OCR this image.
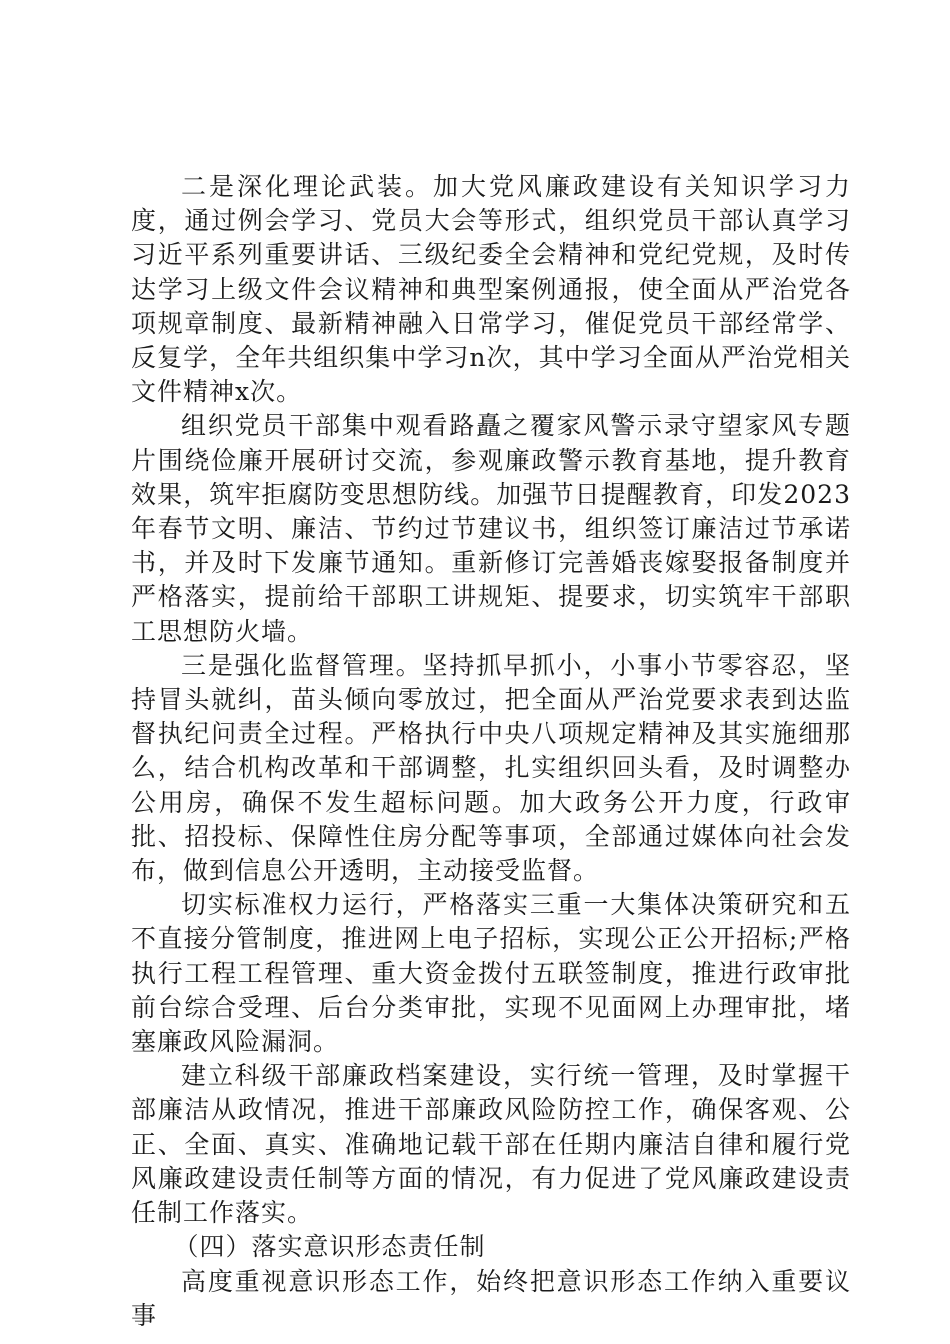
二是深化理论武装。加大党风廉政建设有关知识学习力度，通过例会学习、党员大会等形式，组织党员干部认真学习习近平系列重要讲话、三级纪委全会精神和党纪党规，及时传达学习上级文件会议精神和典型案例通报，使全面从严治党各项规章制度、最新精神融入日常学习，催促党员干部经常学、反复学，全年共组织集中学习n次，其中学习全面从严治党相关文件精神x次。

组织党员干部集中观看路矗之覆家风警示录守望家风专题片围绕俭廉开展研讨交流，参观廉政警示教育基地，提升教育效果，筑牢拒腐防变思想防线。加强节日提醒教育，印发2023年春节文明、廉洁、节约过节建议书，组织签订廉洁过节承诺书，并及时下发廉节通知。重新修订完善婚丧嫁娶报备制度并严格落实，提前给干部职工讲规矩、提要求，切实筑牢干部职工思想防火墙。

三是强化监督管理。坚持抓早抓小，小事小节零容忍，坚持冒头就纠，苗头倾向零放过，把全面从严治党要求表到达监督执纪问责全过程。严格执行中央八项规定精神及其实施细那么，结合机构改革和干部调整，扎实组织回头看，及时调整办公用房，确保不发生超标问题。加大政务公开力度，行政审批、招投标、保障性住房分配等事项，全部通过媒体向社会发布，做到信息公开透明，主动接受监督。

切实标准权力运行，严格落实三重一大集体决策研究和五不直接分管制度，推进网上电子招标，实现公正公开招标;严格执行工程工程管理、重大资金拨付五联签制度，推进行政审批前台综合受理、后台分类审批，实现不见面网上办理审批，堵塞廉政风险漏洞。

建立科级干部廉政档案建设，实行统一管理，及时掌握干部廉洁从政情况，推进干部廉政风险防控工作，确保客观、公正、全面、真实、准确地记载干部在任期内廉洁自律和履行党风廉政建设责任制等方面的情况，有力促进了党风廉政建设责任制工作落实。

（四）落实意识形态责任制

高度重视意识形态工作，始终把意识形态工作纳入重要议事
